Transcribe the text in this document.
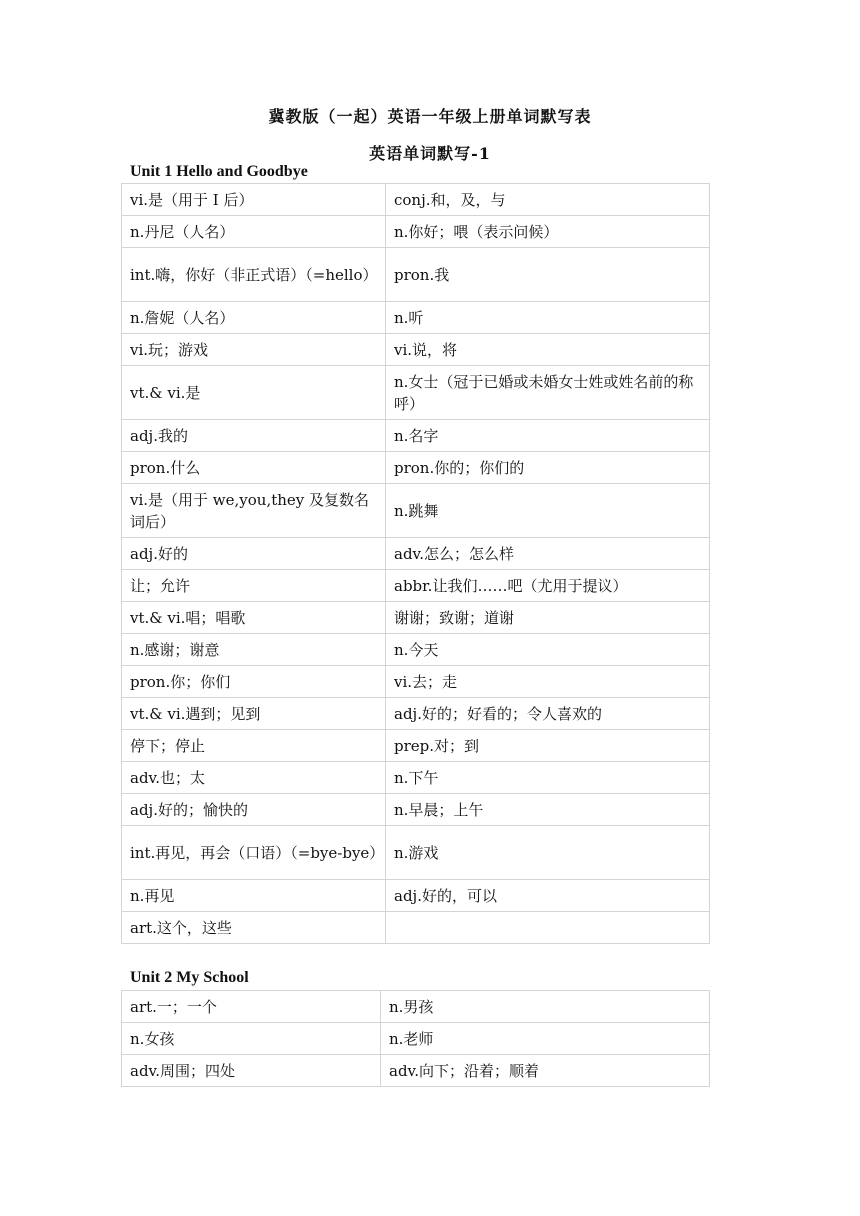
冀教版（一起）英语一年级上册单词默写表
英语单词默写-1
Unit 1 Hello and Goodbye
vi.是（用于 I 后）	conj.和，及，与
n.丹尼（人名）	n.你好；喂（表示问候）
int.嗨，你好（非正式语）（=hello）	pron.我
n.詹妮（人名）	n.听
vi.玩；游戏	vi.说，将
vt.& vi.是	n.女士（冠于已婚或未婚女士姓或姓名前的称呼）
adj.我的	n.名字
pron.什么	pron.你的；你们的
vi.是（用于 we,you,they 及复数名词后）	n.跳舞
adj.好的	adv.怎么；怎么样
让；允许	abbr.让我们……吧（尤用于提议）
vt.& vi.唱；唱歌	谢谢；致谢；道谢
n.感谢；谢意	n.今天
pron.你；你们	vi.去；走
vt.& vi.遇到；见到	adj.好的；好看的；令人喜欢的
停下；停止	prep.对；到
adv.也；太	n.下午
adj.好的；愉快的	n.早晨；上午
int.再见，再会（口语）（=bye-bye）	n.游戏
n.再见	adj.好的，可以
art.这个，这些	
Unit 2 My School
art.一；一个	n.男孩
n.女孩	n.老师
adv.周围；四处	adv.向下；沿着；顺着
